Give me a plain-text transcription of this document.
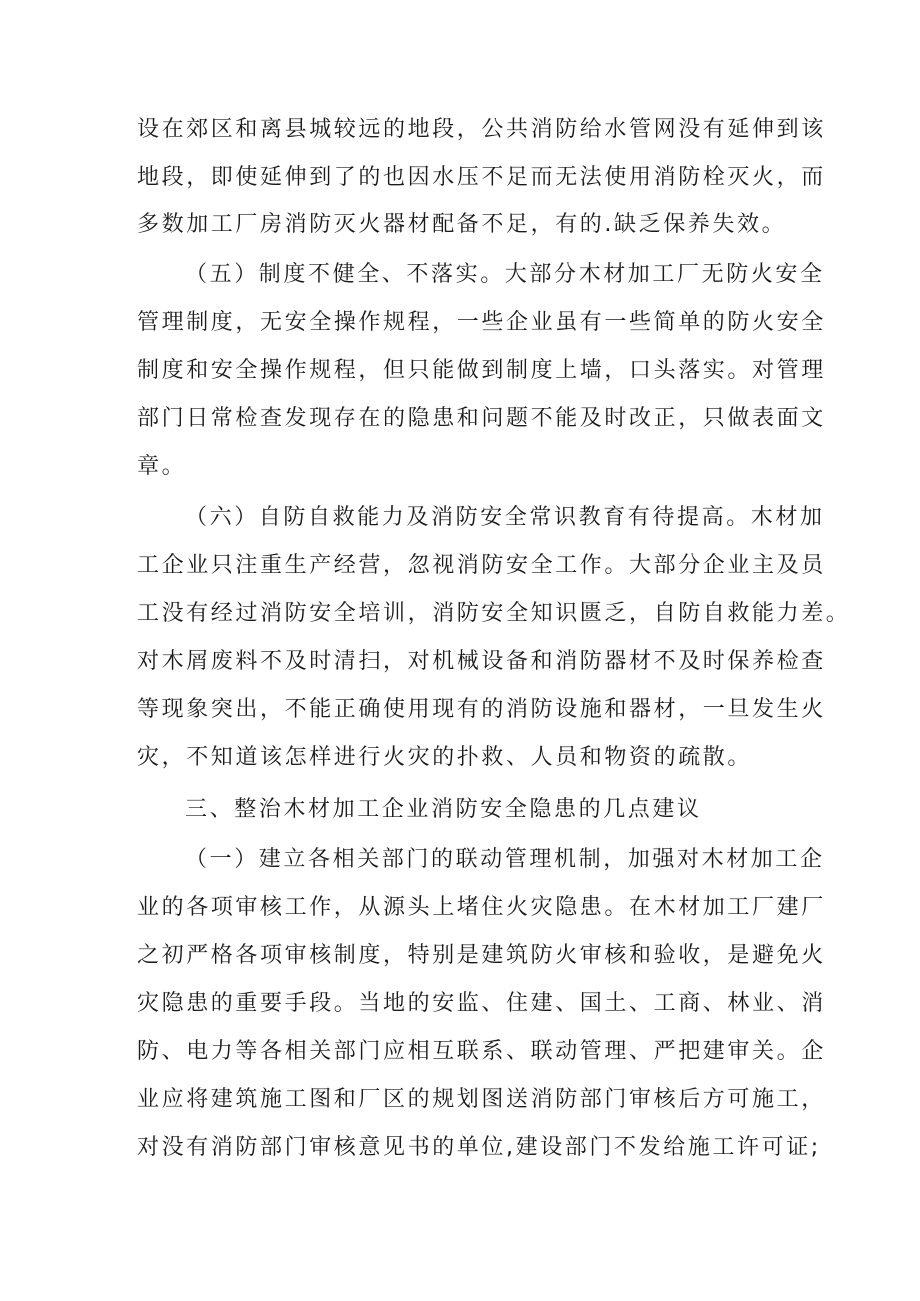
设在郊区和离县城较远的地段，公共消防给水管网没有延伸到该
地段，即使延伸到了的也因水压不足而无法使用消防栓灭火，而
多数加工厂房消防灭火器材配备不足，有的.缺乏保养失效。
（五）制度不健全、不落实。大部分木材加工厂无防火安全
管理制度，无安全操作规程，一些企业虽有一些简单的防火安全
制度和安全操作规程，但只能做到制度上墙，口头落实。对管理
部门日常检查发现存在的隐患和问题不能及时改正，只做表面文
章。
（六）自防自救能力及消防安全常识教育有待提高。木材加
工企业只注重生产经营，忽视消防安全工作。大部分企业主及员
工没有经过消防安全培训，消防安全知识匮乏，自防自救能力差。
对木屑废料不及时清扫，对机械设备和消防器材不及时保养检查
等现象突出，不能正确使用现有的消防设施和器材，一旦发生火
灾，不知道该怎样进行火灾的扑救、人员和物资的疏散。
三、整治木材加工企业消防安全隐患的几点建议
（一）建立各相关部门的联动管理机制，加强对木材加工企
业的各项审核工作，从源头上堵住火灾隐患。在木材加工厂建厂
之初严格各项审核制度，特别是建筑防火审核和验收，是避免火
灾隐患的重要手段。当地的安监、住建、国土、工商、林业、消
防、电力等各相关部门应相互联系、联动管理、严把建审关。企
业应将建筑施工图和厂区的规划图送消防部门审核后方可施工，
对没有消防部门审核意见书的单位,建设部门不发给施工许可证;
